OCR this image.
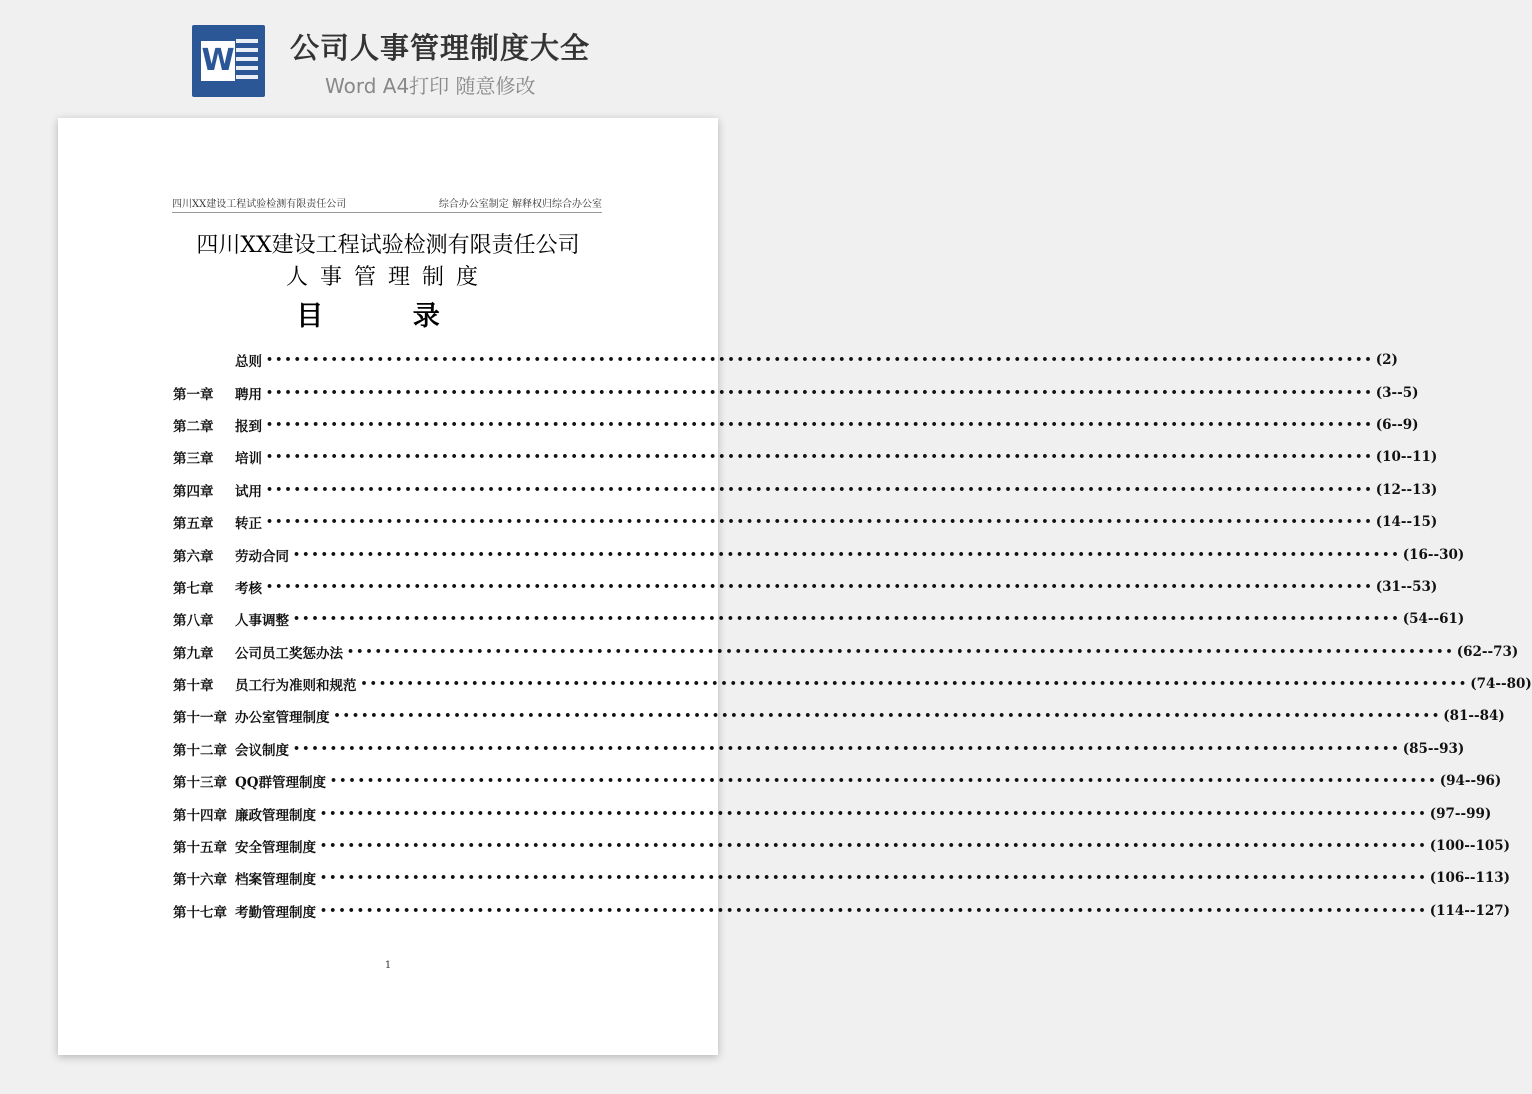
W 公司人事管理制度大全
Word A4打印 随意修改
四川XX建设工程试验检测有限责任公司	综合办公室制定 解释权归综合办公室
四川XX建设工程试验检测有限责任公司
人事管理制度
目 录
总则 •••••••••••••••••••••••••••••••••••••••••••••••••••••••••••••••••••••••••••••••••••••••••••••••••••••••••••••••••••••••• (2)
第一章	聘用 •••••••••••••••••••••••••••••••••••••••••••••••••••••••••••••••••••••••••••••••••••••••••••••••••••••••••••••••••••••••• (3--5)
第二章	报到 •••••••••••••••••••••••••••••••••••••••••••••••••••••••••••••••••••••••••••••••••••••••••••••••••••••••••••••••••••••••• (6--9)
第三章	培训 •••••••••••••••••••••••••••••••••••••••••••••••••••••••••••••••••••••••••••••••••••••••••••••••••••••••••••••••••••••••• (10--11)
第四章	试用 •••••••••••••••••••••••••••••••••••••••••••••••••••••••••••••••••••••••••••••••••••••••••••••••••••••••••••••••••••••••• (12--13)
第五章	转正 •••••••••••••••••••••••••••••••••••••••••••••••••••••••••••••••••••••••••••••••••••••••••••••••••••••••••••••••••••••••• (14--15)
第六章	劳动合同 •••••••••••••••••••••••••••••••••••••••••••••••••••••••••••••••••••••••••••••••••••••••••••••••••••••••••••••••••••••••• (16--30)
第七章	考核 •••••••••••••••••••••••••••••••••••••••••••••••••••••••••••••••••••••••••••••••••••••••••••••••••••••••••••••••••••••••• (31--53)
第八章	人事调整 •••••••••••••••••••••••••••••••••••••••••••••••••••••••••••••••••••••••••••••••••••••••••••••••••••••••••••••••••••••••• (54--61)
第九章	公司员工奖惩办法 •••••••••••••••••••••••••••••••••••••••••••••••••••••••••••••••••••••••••••••••••••••••••••••••••••••••••••••••••••••••• (62--73)
第十章	员工行为准则和规范 •••••••••••••••••••••••••••••••••••••••••••••••••••••••••••••••••••••••••••••••••••••••••••••••••••••••••••••••••••••••• (74--80)
第十一章 办公室管理制度 •••••••••••••••••••••••••••••••••••••••••••••••••••••••••••••••••••••••••••••••••••••••••••••••••••••••••••••••••••••••• (81--84)
第十二章 会议制度 •••••••••••••••••••••••••••••••••••••••••••••••••••••••••••••••••••••••••••••••••••••••••••••••••••••••••••••••••••••••• (85--93)
第十三章 QQ群管理制度 •••••••••••••••••••••••••••••••••••••••••••••••••••••••••••••••••••••••••••••••••••••••••••••••••••••••••••••••••••••••• (94--96)
第十四章 廉政管理制度 •••••••••••••••••••••••••••••••••••••••••••••••••••••••••••••••••••••••••••••••••••••••••••••••••••••••••••••••••••••••• (97--99)
第十五章 安全管理制度 •••••••••••••••••••••••••••••••••••••••••••••••••••••••••••••••••••••••••••••••••••••••••••••••••••••••••••••••••••••••• (100--105)
第十六章 档案管理制度 •••••••••••••••••••••••••••••••••••••••••••••••••••••••••••••••••••••••••••••••••••••••••••••••••••••••••••••••••••••••• (106--113)
第十七章 考勤管理制度 •••••••••••••••••••••••••••••••••••••••••••••••••••••••••••••••••••••••••••••••••••••••••••••••••••••••••••••••••••••••• (114--127)
1
